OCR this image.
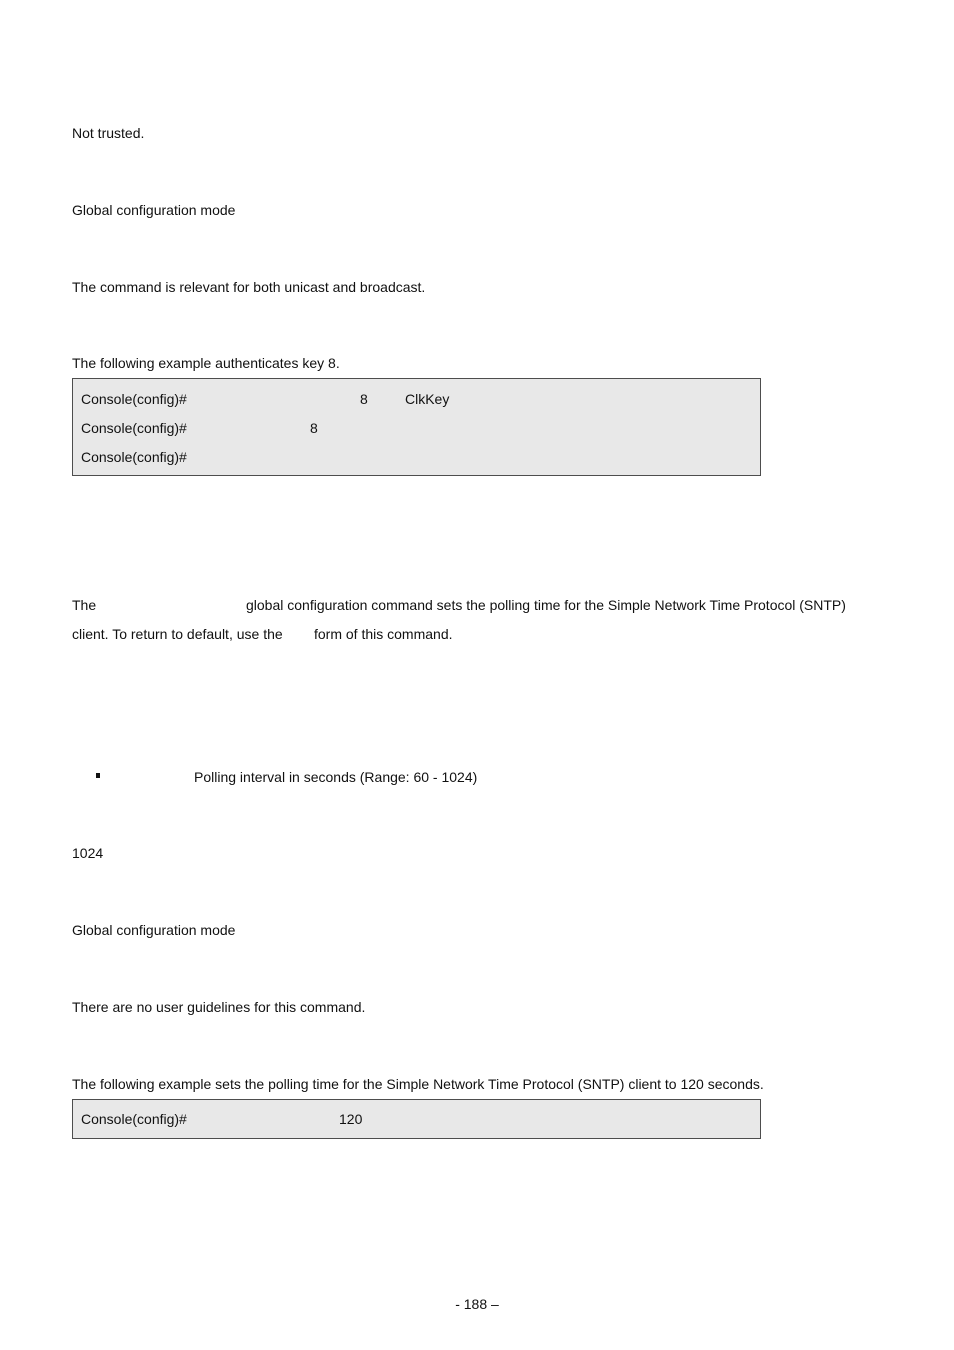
Not trusted.
Global configuration mode
The command is relevant for both unicast and broadcast.
The following example authenticates key 8.
Console(config)#	8	ClkKey
Console(config)#	8
Console(config)#
The	global configuration command sets the polling time for the Simple Network Time Protocol (SNTP)
client. To return to default, use the form of this command.
Polling interval in seconds (Range: 60 - 1024)
1024
Global configuration mode
There are no user guidelines for this command.
The following example sets the polling time for the Simple Network Time Protocol (SNTP) client to 120 seconds.
Console(config)#	120
- 188 –
